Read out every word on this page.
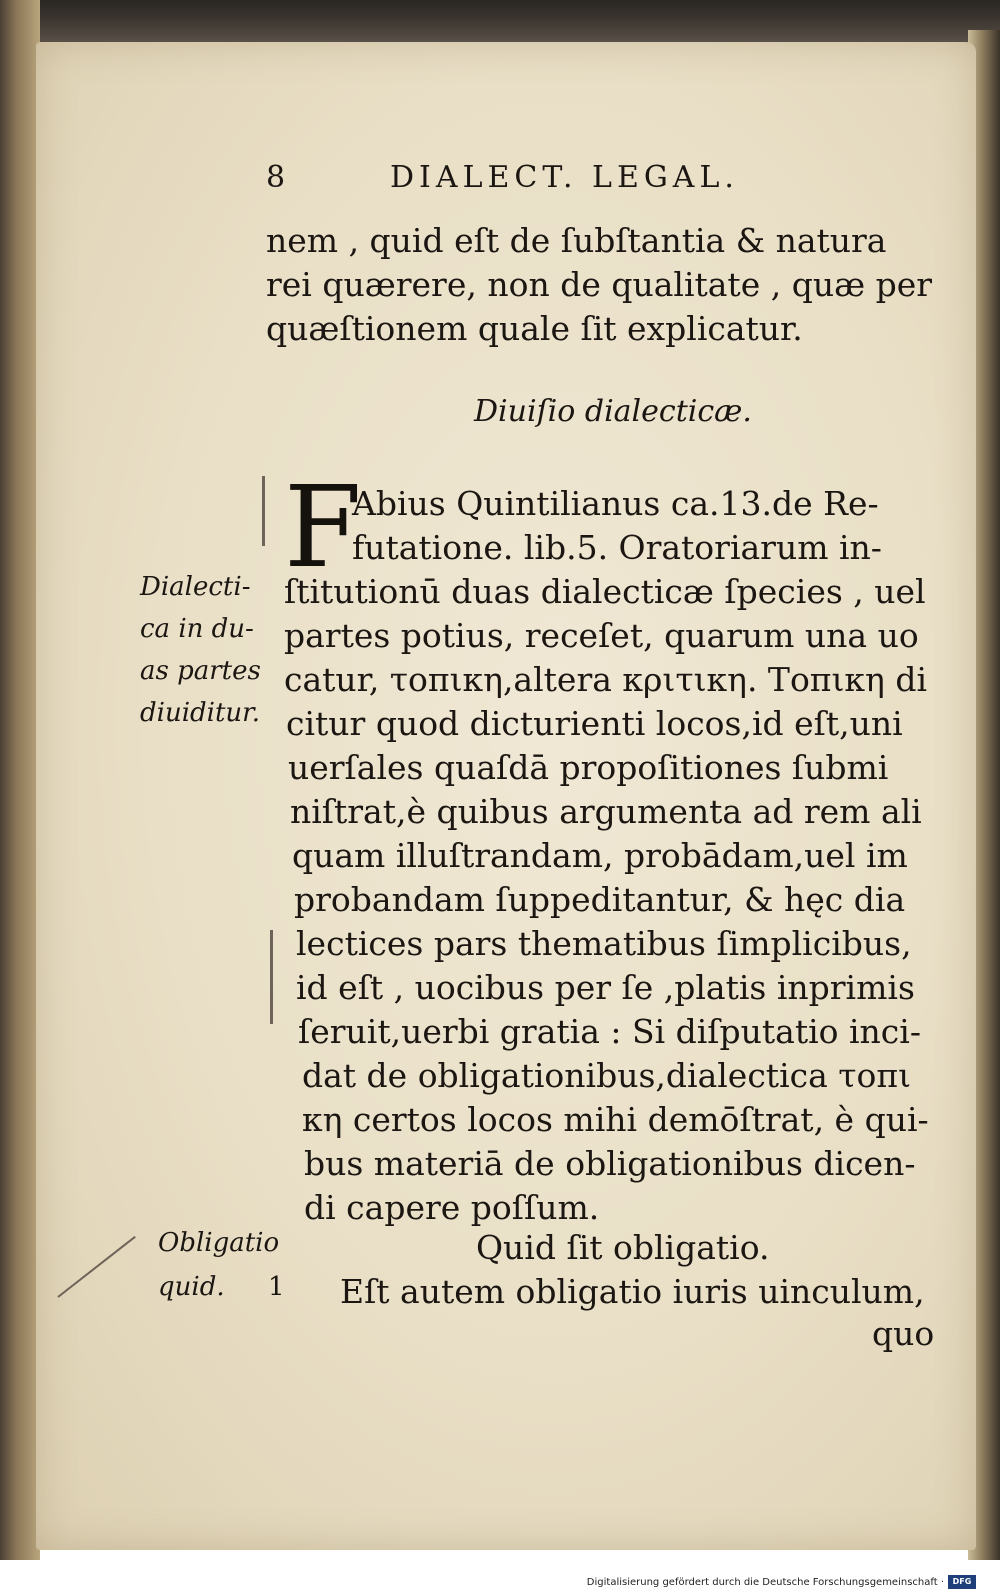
8	DIALECT. LEGAL.
nem , quid eſt de ſubſtantia & natura
rei quærere, non de qualitate , quæ per
quæſtionem quale ſit explicatur.
Diuiſio dialecticæ.
F
Abius Quintilianus ca.13.de Re-
futatione. lib.5. Oratoriarum in-
ſtitutionū duas dialecticæ ſpecies , uel
partes potius, receſet, quarum una uo
catur, τοπικη,altera κριτικη. Τοπικη di
citur quod dicturienti locos,id eſt,uni
uerſales quaſdā propoſitiones ſubmi
niſtrat,è quibus argumenta ad rem ali
quam illuſtrandam, probādam,uel im
probandam ſuppeditantur, & hęc dia
lectices pars thematibus ſimplicibus,
id eſt , uocibus per ſe ,platis inprimis
ſeruit,uerbi gratia : Si diſputatio inci-
dat de obligationibus,dialectica τοπι
κη certos locos mihi demōſtrat, è qui-
bus materiā de obligationibus dicen-
di capere poſſum.
Quid ſit obligatio.
Eſt autem obligatio iuris uinculum,
quo
Dialecti-
ca in du-
as partes
diuiditur.
Obligatio
quid. 1
Digitalisierung gefördert durch die Deutsche Forschungsgemeinschaft ·	DFG
